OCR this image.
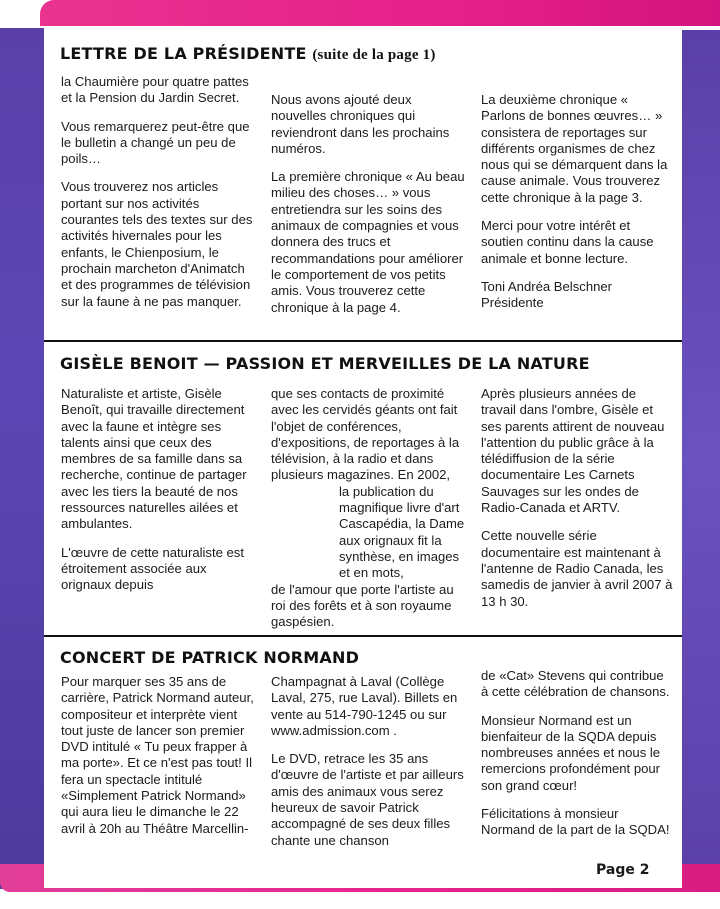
LETTRE DE LA PRÉSIDENTE (suite de la page 1)

la Chaumière pour quatre pattes et la Pension du Jardin Secret.

Vous remarquerez peut-être que le bulletin a changé un peu de poils…

Vous trouverez nos articles portant sur nos activités courantes tels des textes sur des activités hivernales pour les enfants, le Chienposium, le prochain marcheton d'Animatch et des programmes de télévision sur la faune à ne pas manquer.

Nous avons ajouté deux nouvelles chroniques qui reviendront dans les prochains numéros.

La première chronique « Au beau milieu des choses… » vous entretiendra sur les soins des animaux de compagnies et vous donnera des trucs et recommandations pour améliorer le comportement de vos petits amis. Vous trouverez cette chronique à la page 4.

La deuxième chronique « Parlons de bonnes œuvres… » consistera de reportages sur différents organismes de chez nous qui se démarquent dans la cause animale. Vous trouverez cette chronique à la page 3.

Merci pour votre intérêt et soutien continu dans la cause animale et bonne lecture.

Toni Andréa Belschner
Présidente
GISÈLE BENOIT — PASSION ET MERVEILLES DE LA NATURE

Naturaliste et artiste, Gisèle Benoît, qui travaille directement avec la faune et intègre ses talents ainsi que ceux des membres de sa famille dans sa recherche, continue de partager avec les tiers la beauté de nos ressources naturelles ailées et ambulantes.

L'œuvre de cette naturaliste est étroitement associée aux orignaux depuis

que ses contacts de proximité avec les cervidés géants ont fait l'objet de conférences, d'expositions, de reportages à la télévision, à la radio et dans plusieurs magazines. En 2002,

la publication du magnifique livre d'art Cascapédia, la Dame aux orignaux fit la synthèse, en images et en mots,

de l'amour que porte l'artiste au roi des forêts et à son royaume gaspésien.

Après plusieurs années de travail dans l'ombre, Gisèle et ses parents attirent de nouveau l'attention du public grâce à la télédiffusion de la série documentaire Les Carnets Sauvages sur les ondes de Radio-Canada et ARTV.

Cette nouvelle série documentaire est maintenant à l'antenne de Radio Canada, les samedis de janvier à avril 2007 à 13 h 30.

CONCERT DE PATRICK NORMAND

Pour marquer ses 35 ans de carrière, Patrick Normand auteur, compositeur et interprète vient tout juste de lancer son premier DVD intitulé « Tu peux frapper à ma porte». Et ce n'est pas tout! Il fera un spectacle intitulé «Simplement Patrick Normand» qui aura lieu le dimanche le 22 avril à 20h au Théâtre Marcellin-

Champagnat à Laval (Collège Laval, 275, rue Laval). Billets en vente au 514-790-1245 ou sur www.admission.com .

Le DVD, retrace les 35 ans d'œuvre de l'artiste et par ailleurs amis des animaux vous serez heureux de savoir Patrick accompagné de ses deux filles chante une chanson

de «Cat» Stevens qui contribue à cette célébration de chansons.

Monsieur Normand est un bienfaiteur de la SQDA depuis nombreuses années et nous le remercions profondément pour son grand cœur!

Félicitations à monsieur Normand de la part de la SQDA!

Page 2
